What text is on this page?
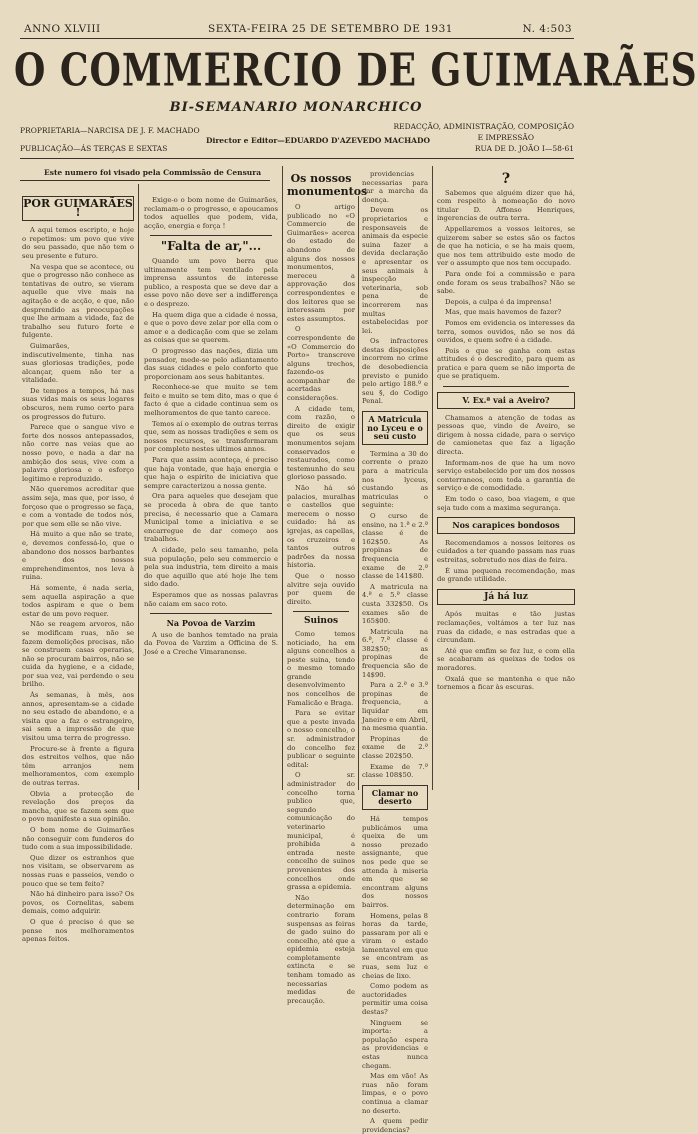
ANNO XLVIII	SEXTA-FEIRA 25 DE SETEMBRO DE 1931	N. 4:503
O COMMERCIO DE GUIMARÃES
BI-SEMANARIO MONARCHICO
PROPRIETARIA—NARCISA DE J. F. MACHADO
PUBLICAÇÃO—ÁS TERÇAS E SEXTAS
Director e Editor—EDUARDO D'AZEVEDO MACHADO
REDACÇÃO, ADMINISTRAÇÃO, COMPOSIÇÃO
E IMPRESSÃO
RUA DE D. JOÃO I—58-61
Este numero foi visado pela Commissão de Censura
POR GUIMARÃES !

A aqui temos escripto, e hoje o repetimos: um povo que vive do seu passado, que não tem o seu presente e futuro.

Na vespa que se acontece, ou que o progresso não conhece as tentativas de outro, se vieram aquelle que vive mais na agitação e de acção, e que, não desprendido as preocupações que lhe armam a vidade, faz de trabalho seu futuro forte e fulgente.

Guimarães, indiscutivelmente, tinha nas suas gloriosas tradições, pode alcançar, quem não ter a vitalidade.

De tempos a tempos, há nas suas vidas mais os seus logares obscuros, nem rumo certo para os progressos do futuro.

Parece que o sangue vivo e forte dos nossos antepassados, não corre nas veias que ao nosso povo, e nada a dar na ambição dos seus, vive com a palavra gloriosa e o esforço legitimo e reproduzido.

Não queremos acreditar que assim seja, mas que, por isso, é forçoso que o progresso se faça, e com a vontade de todos nós, por que sem elle se não vive.

Há muito a que não se trate, e, devemos confessá-lo, que o abandono dos nossos barbantes e dos nossos emprehendimentos, nos leva à ruina.

Há somente, é nada seria, sem aquella aspiração a que todos aspiram e que o bem estar de um povo requer.

Não se reagem arvoros, não se modificam ruas, não se fazem demolições precisas, não se construem casas operarias, não se procuram bairros, não se cuida da hygiene, e a cidade, por sua vez, vai perdendo o seu brilho.

Às semanas, à mês, aos annos, apresentam-se a cidade no seu estado de abandono, e a visita que a faz o estrangeiro, sai sem a impressão de que visitou uma terra de progresso.

Procure-se à frente a figura dos estreitos velhos, que não têm arranjos nem melhoramentos, com exemplo de outras terras.

Obvia a protecção de revelação dos preços da mancha, que se fazem sem que o povo manifeste a sua opinião.

O bom nome de Guimarães não conseguir com funderos do tudo com a sua impossibilidade.

Que dizer os estranhos que nos visitam, se observarem as nossas ruas e passeios, vendo o pouco que se tem feito?

Não há dinheiro para isso? Os povos, os Cornelitas, sabem demais, como adquirir.

O que é preciso é que se pense nos melhoramentos apenas feitos.

Exige-o o bom nome de Guimarães, reclamam-o o progresso, e apoucamos todos aquelles que podem, vida, acção, energia e força !

"Falta de ar,"...

Quando um povo berra que ultimamente tem ventilado pela imprensa assuntos de interesse publico, a resposta que se deve dar a esse povo não deve ser a indifferença e o desprezo.

Ha quem diga que a cidade é nossa, e que o povo deve zelar por ella com o amor e a dedicação com que se zelam as coisas que se querem.

O progresso das nações, dizia um pensador, mede-se pelo adiantamento das suas cidades e pelo conforto que proporcionam aos seus habitantes.

Reconhece-se que muito se tem feito e muito se tem dito, mas o que é facto é que a cidade continua sem os melhoramentos de que tanto carece.

Temos aí o exemplo de outras terras que, sem as nossas tradições e sem os nossos recursos, se transformaram por completo nestes ultimos annos.

Para que assim aconteça, é preciso que haja vontade, que haja energia e que haja o espirito de iniciativa que sempre caracterizou a nossa gente.

Ora para aqueles que desejam que se proceda à obra de que tanto precisa, é necessario que a Camara Municipal tome a iniciativa e se encarregue de dar começo aos trabalhos.

A cidade, pelo seu tamanho, pela sua população, pelo seu commercio e pela sua industria, tem direito a mais do que aquillo que até hoje lhe tem sido dado.

Esperamos que as nossas palavras não caiam em saco roto.

Na Povoa de Varzim

A uso de banhos temtado na praia da Povoa de Varzim a Officina de S. José e a Creche Vimaranense.

Os nossos monumentos

O artigo publicado no «O Commercio de Guimarães» acerca do estado de abandono de alguns dos nossos monumentos, mereceu a approvação dos correspondentes e dos leitores que se interessam por estes assumptos.

O correspondente de «O Commercio do Porto» transcreve alguns trechos, fazendo-os acompanhar de acertadas considerações.

A cidade tem, com razão, o direito de exigir que os seus monumentos sejam conservados e restaurados, como testemunho do seu glorioso passado.

Não há só palacios, muralhas e castellos que merecem o nosso cuidado: há as igrejas, as capellas, os cruzeiros e tantos outros padrões da nossa historia.

Que o nosso alvitre seja ouvido por quem de direito.

Suinos

Como temos noticiado, ha em alguns concelhos a peste suina, tendo o mesmo tomado grande desenvolvimento nos concelhos de Famalicão e Braga.

Para se evitar que a peste invada o nosso concelho, o sr. administrador do concelho fez publicar o seguinte edital:

O sr. administrador do concelho torna publico que, segundo comunicação do veterinario municipal, é prohibida a entrada neste concelho de suinos provenientes dos concelhos onde grassa a epidemia.

Não determinação em contrario foram suspensas as feiras de gado suino do concelho, até que a epidemia esteja completamente extincta e se tenham tomado as necessarias medidas de precaução.

providencias necessarias para dar a marcha da doença.

Devem os proprietarios e responsaveis de animais da especie suina fazer a devida declaração e apresentar os seus animais à inspecção veterinaria, sob pena de incorrerem nas multas estabelecidas por lei.

Os infractores destas disposições incorrem no crime de desobediencia previsto e punido pelo artigo 188.º e seu §, do Codigo Penal.

A Matricula no Lyceu e o seu custo

Termina a 30 do corrente o prazo para a matricula nos lyceus, custando as matriculas o seguinte:

O curso de ensino, na 1.ª e 2.ª classe é de 162$50. As propinas de frequencia e exame de 2.ª classe de 141$80.

A matricula na 4.ª e 5.ª classe custa 332$50. Os exames são de 165$00.

Matricula na 6.ª, 7.ª classe é 382$50; as propinas de frequencia são de 14$90.

Para a 2.ª e 3.ª propinas de frequencia, a liquidar em Janeiro e em Abril, na mesma quantia.

Propinas de exame de 2.ª classe 202$50.

Exame de 7.ª classe 108$50.

Clamar no deserto

Há tempos publicámos uma queixa de um nosso prezado assignante, que nos pede que se attenda à miseria em que se encontram alguns dos nossos bairros.

Homens, pelas 8 horas da tarde, passaram por ali e viram o estado lamentavel em que se encontram as ruas, sem luz e cheias de lixo.

Como podem as auctoridades permitir uma coisa destas?

Ninguem se importa: a população espera as providencias e estas nunca chegam.

Mas em vão! As ruas não foram limpas, e o povo continua a clamar no deserto.

A quem pedir providencias?

?

Sabemos que alguém dizer que há, com respeito à nomeação do novo titular D. Affonso Henriques, ingerencias de outra terra.

Appellaremos a vossos leitores, se quizerem saber se estes são os factos de que ha noticia, e se ha mais quem, que nos tem attribuido este modo de ver o assumpto que nos tem occupado.

Para onde foi a commissão e para onde foram os seus trabalhos? Não se sabe.

Depois, a culpa é da imprensa!

Mas, que mais havemos de fazer?

Pomos em evidencia os interesses da terra, somos ouvidos, não se nos dá ouvidos, e quem sofre é a cidade.

Pois o que se ganha com estas attitudes é o descredito, para quem as pratica e para quem se não importa de que se pratiquem.

V. Ex.ª vai a Aveiro?

Chamamos a atenção de todas as pessoas que, vindo de Aveiro, se dirigem à nossa cidade, para o serviço de camionetas que faz a ligação directa.

Informam-nos de que ha um novo serviço estabelecido por um dos nossos conterraneos, com toda a garantia de serviço e de comodidade.

Em todo o caso, boa viagem, e que seja tudo com a maxima segurança.

Nos carapices bondosos

Recomendamos a nossos leitores os cuidados a ter quando passam nas ruas estreitas, sobretudo nos dias de feira.

É uma pequena recomendação, mas de grande utilidade.

Já há luz

Após muitas e tão justas reclamações, voltámos a ter luz nas ruas da cidade, e nas estradas que a circundam.

Até que emfim se fez luz, e com ella se acabaram as queixas de todos os moradores.

Oxalá que se mantenha e que não tornemos a ficar às escuras.
